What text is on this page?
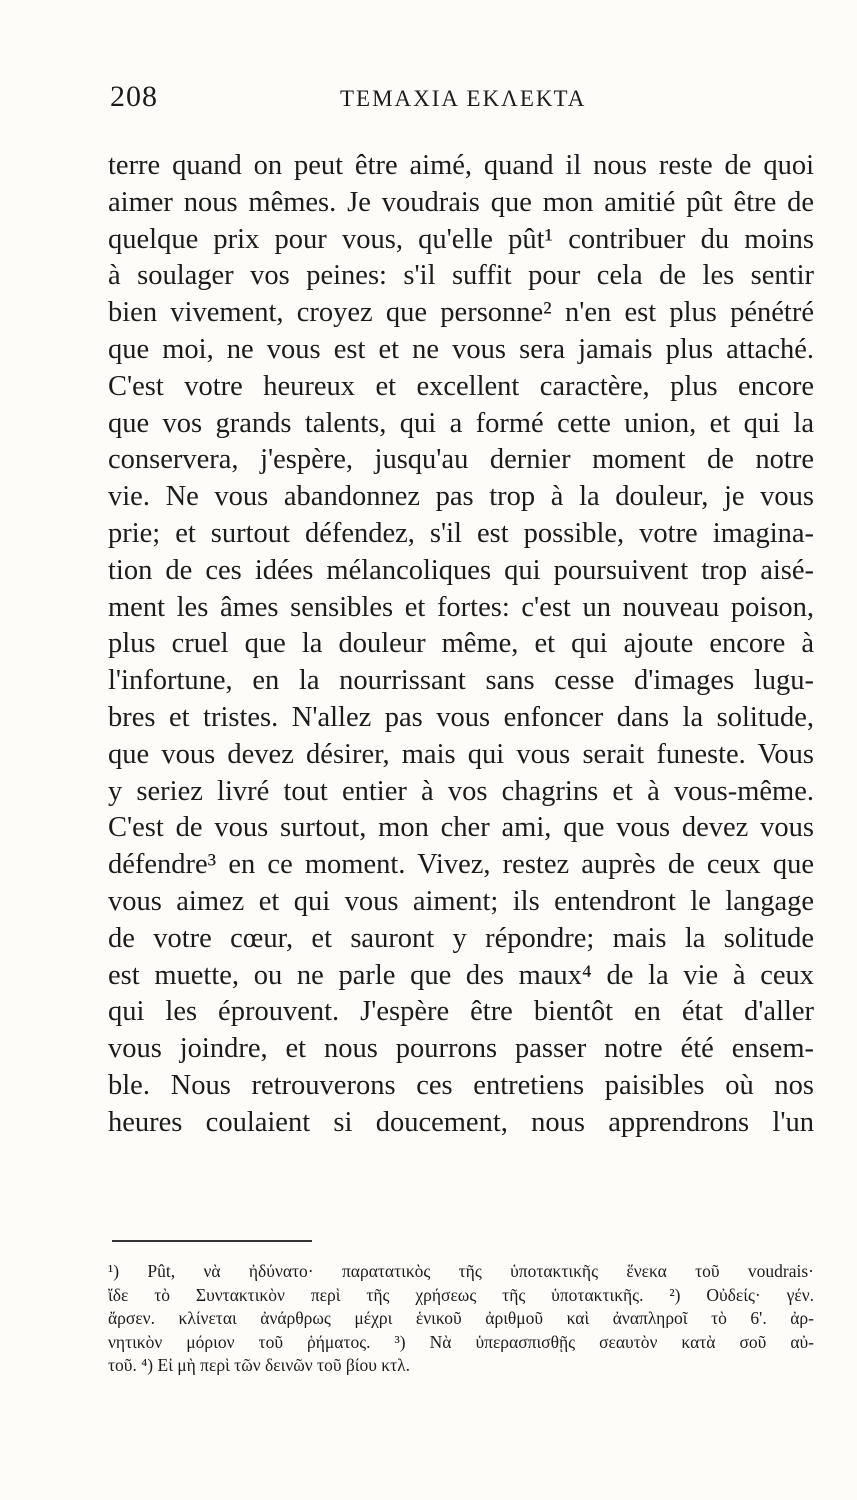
208	ΤΕΜΑΧΙΑ ΕΚΛΕΚΤΑ
terre quand on peut être aimé, quand il nous reste de quoi
aimer nous mêmes. Je voudrais que mon amitié pût être de
quelque prix pour vous, qu'elle pût¹ contribuer du moins
à soulager vos peines: s'il suffit pour cela de les sentir
bien vivement, croyez que personne² n'en est plus pénétré
que moi, ne vous est et ne vous sera jamais plus attaché.
C'est votre heureux et excellent caractère, plus encore
que vos grands talents, qui a formé cette union, et qui la
conservera, j'espère, jusqu'au dernier moment de notre
vie. Ne vous abandonnez pas trop à la douleur, je vous
prie; et surtout défendez, s'il est possible, votre imagina-
tion de ces idées mélancoliques qui poursuivent trop aisé-
ment les âmes sensibles et fortes: c'est un nouveau poison,
plus cruel que la douleur même, et qui ajoute encore à
l'infortune, en la nourrissant sans cesse d'images lugu-
bres et tristes. N'allez pas vous enfoncer dans la solitude,
que vous devez désirer, mais qui vous serait funeste. Vous
y seriez livré tout entier à vos chagrins et à vous-même.
C'est de vous surtout, mon cher ami, que vous devez vous
défendre³ en ce moment. Vivez, restez auprès de ceux que
vous aimez et qui vous aiment; ils entendront le langage
de votre cœur, et sauront y répondre; mais la solitude
est muette, ou ne parle que des maux⁴ de la vie à ceux
qui les éprouvent. J'espère être bientôt en état d'aller
vous joindre, et nous pourrons passer notre été ensem-
ble. Nous retrouverons ces entretiens paisibles où nos
heures coulaient si doucement, nous apprendrons l'un
¹) Pût, νὰ ἠδύνατο· παρατατικὸς τῆς ὑποτακτικῆς ἕνεκα τοῦ voudrais·
ἴδε τὸ Συντακτικὸν περὶ τῆς χρήσεως τῆς ὑποτακτικῆς. ²) Οὐδείς· γέν.
ἄρσεν. κλίνεται ἀνάρθρως μέχρι ἑνικοῦ ἀριθμοῦ καὶ ἀναπληροῖ τὸ 6'. ἀρ-
νητικὸν μόριον τοῦ ῥήματος. ³) Νὰ ὑπερασπισθῇς σεαυτὸν κατὰ σοῦ αὐ-
τοῦ. ⁴) Εἰ μὴ περὶ τῶν δεινῶν τοῦ βίου κτλ.
